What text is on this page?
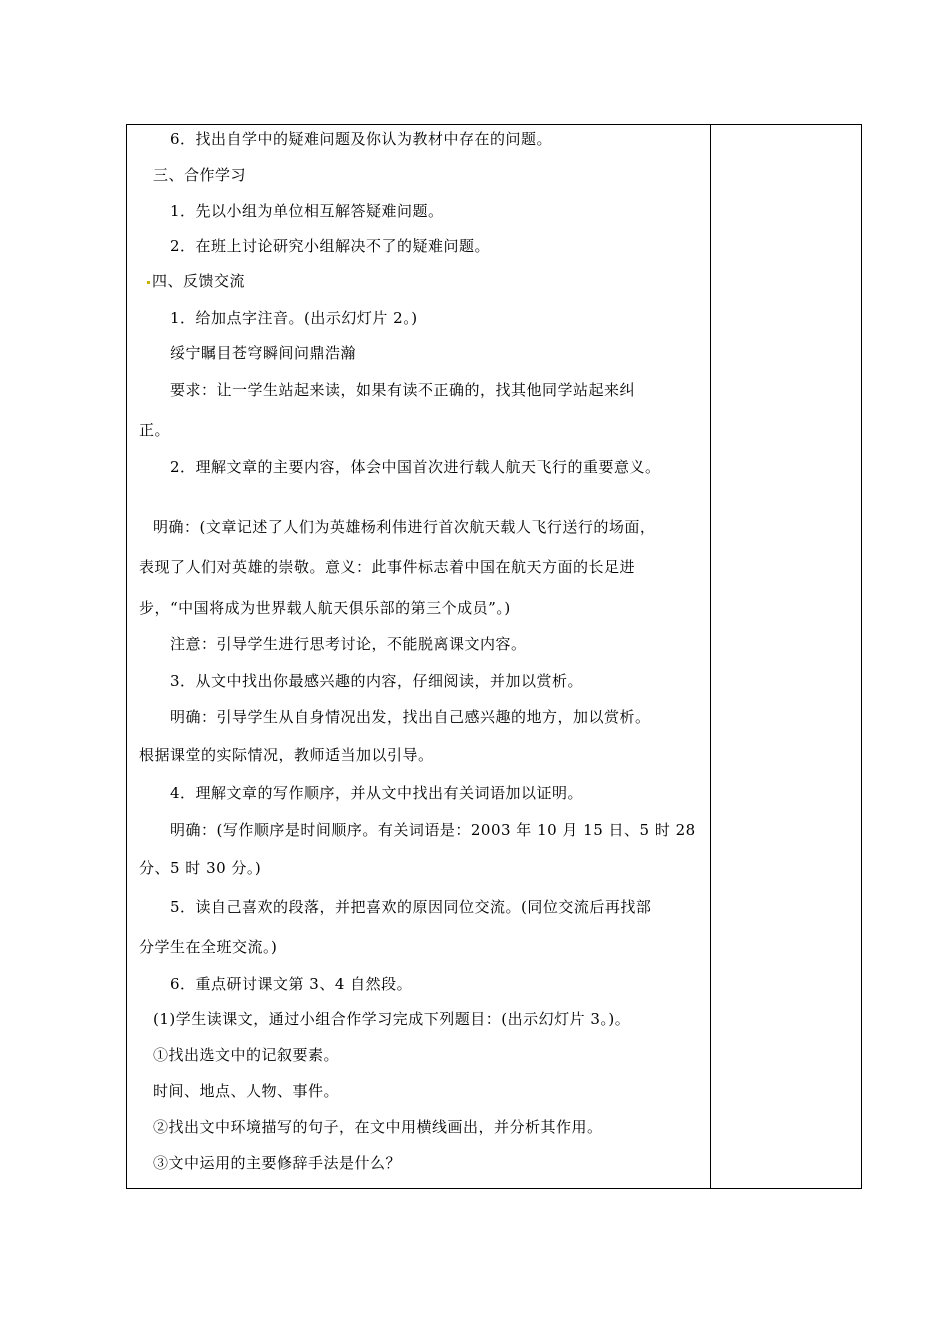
6．找出自学中的疑难问题及你认为教材中存在的问题。
三、合作学习
1．先以小组为单位相互解答疑难问题。
2．在班上讨论研究小组解决不了的疑难问题。
四、反馈交流
1．给加点字注音。(出示幻灯片 2。)
绥宁瞩目苍穹瞬间问鼎浩瀚
要求：让一学生站起来读，如果有读不正确的，找其他同学站起来纠
正。
2．理解文章的主要内容，体会中国首次进行载人航天飞行的重要意义。
明确：(文章记述了人们为英雄杨利伟进行首次航天载人飞行送行的场面，
表现了人们对英雄的崇敬。意义：此事件标志着中国在航天方面的长足进
步，“中国将成为世界载人航天俱乐部的第三个成员”。)
注意：引导学生进行思考讨论，不能脱离课文内容。
3．从文中找出你最感兴趣的内容，仔细阅读，并加以赏析。
明确：引导学生从自身情况出发，找出自己感兴趣的地方，加以赏析。
根据课堂的实际情况，教师适当加以引导。
4．理解文章的写作顺序，并从文中找出有关词语加以证明。
明确：(写作顺序是时间顺序。有关词语是：2003 年 10 月 15 日、5 时 28
分、5 时 30 分。)
5．读自己喜欢的段落，并把喜欢的原因同位交流。(同位交流后再找部
分学生在全班交流。)
6．重点研讨课文第 3、4 自然段。
(1)学生读课文，通过小组合作学习完成下列题目：(出示幻灯片 3。)。
①找出选文中的记叙要素。
时间、地点、人物、事件。
②找出文中环境描写的句子，在文中用横线画出，并分析其作用。
③文中运用的主要修辞手法是什么？
